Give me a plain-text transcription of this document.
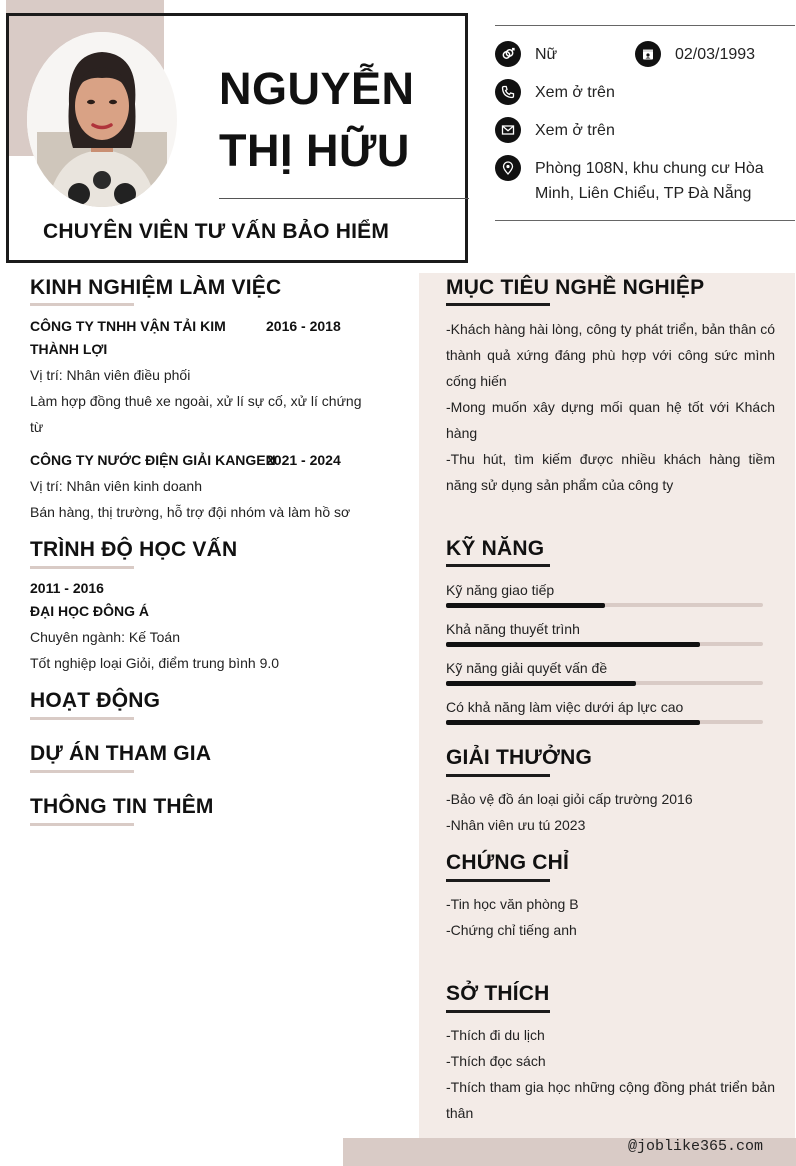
NGUYỄN
THỊ HỮU
CHUYÊN VIÊN TƯ VẤN BẢO HIỂM
Nữ	02/03/1993
Xem ở trên
Xem ở trên
Phòng 108N, khu chung cư Hòa
Minh, Liên Chiểu, TP Đà Nẵng
KINH NGHIỆM LÀM VIỆC
CÔNG TY TNHH VẬN TẢI KIM	2016 - 2018
THÀNH LỢI
Vị trí: Nhân viên điều phối
Làm hợp đồng thuê xe ngoài, xử lí sự cố, xử lí chứng
từ
CÔNG TY NƯỚC ĐIỆN GIẢI KANGEN
2021 - 2024
Vị trí: Nhân viên kinh doanh
Bán hàng, thị trường, hỗ trợ đội nhóm và làm hồ sơ
TRÌNH ĐỘ HỌC VẤN
2011 - 2016
ĐẠI HỌC ĐÔNG Á
Chuyên ngành: Kế Toán
Tốt nghiệp loại Giỏi, điểm trung bình 9.0
HOẠT ĐỘNG
DỰ ÁN THAM GIA
THÔNG TIN THÊM
MỤC TIÊU NGHỀ NGHIỆP
-Khách hàng hài lòng, công ty phát triển, bản thân có thành quả xứng đáng phù hợp với công sức mình cống hiến
-Mong muốn xây dựng mối quan hệ tốt với Khách hàng
-Thu hút, tìm kiếm được nhiều khách hàng tiềm năng sử dụng sản phẩm của công ty
KỸ NĂNG
Kỹ năng giao tiếp
Khả năng thuyết trình
Kỹ năng giải quyết vấn đề
Có khả năng làm việc dưới áp lực cao
GIẢI THƯỞNG
-Bảo vệ đồ án loại giỏi cấp trường 2016
-Nhân viên ưu tú 2023
CHỨNG CHỈ
-Tin học văn phòng B
-Chứng chỉ tiếng anh
SỞ THÍCH
-Thích đi du lịch
-Thích đọc sách
-Thích tham gia học những cộng đồng phát triển bản thân
@joblike365.com
